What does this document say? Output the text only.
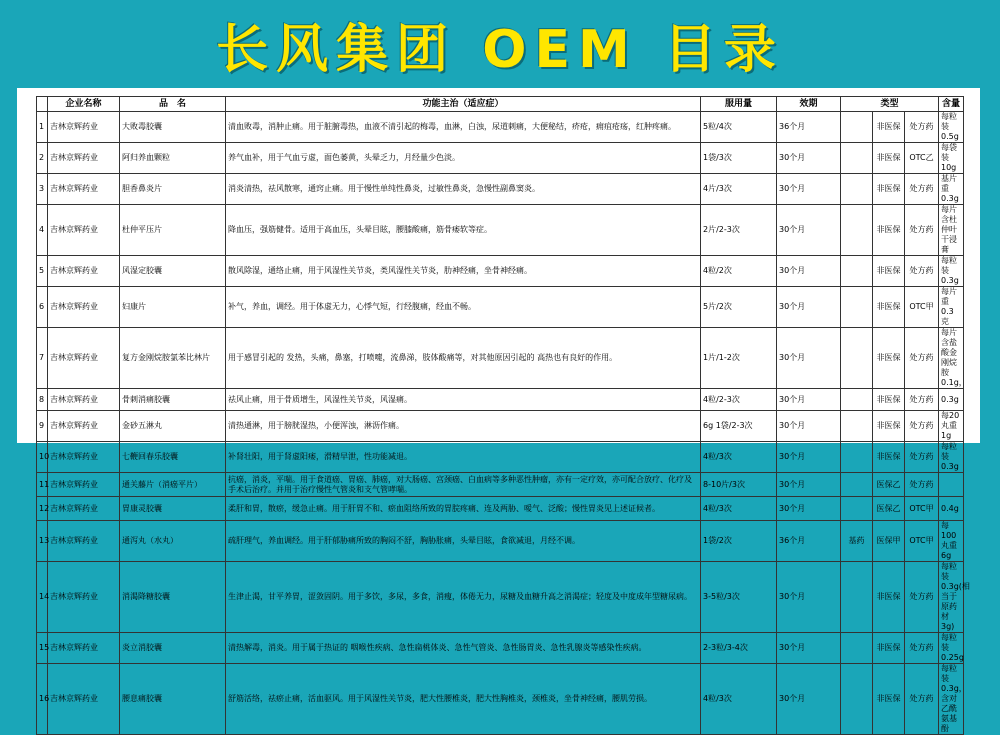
长风集团 OEM 目录
	企业名称	品　名	功能主治（适应症）	服用量	效期	类型			含量
1	吉林京辉药业	大败毒胶囊	清血败毒，消肿止痛。用于脏腑毒热，血液不清引起的梅毒，血淋，白浊，尿道刺痛，大便秘结，疥疮，痈疽疮疡，红肿疼痛。	5粒/4次	36个月		非医保	处方药	每粒装0.5g
2	吉林京辉药业	阿归养血颗粒	养气血补，用于气血亏虚，面色萎黄，头晕乏力，月经量少色淡。	1袋/3次	30个月		非医保	OTC乙	每袋装10g
3	吉林京辉药业	胆香鼻炎片	消炎清热，祛风散寒，通窍止痛。用于慢性单纯性鼻炎，过敏性鼻炎，急慢性副鼻窦炎。	4片/3次	30个月		非医保	处方药	基片重 0.3g
4	吉林京辉药业	杜仲平压片	降血压，强筋健骨。适用于高血压，头晕目眩，腰膝酸痛，筋骨痿软等症。	2片/2-3次	30个月		非医保	处方药	每片含杜仲叶干浸膏
5	吉林京辉药业	风湿定胶囊	散风除湿，通络止痛，用于风湿性关节炎，类风湿性关节炎，肋神经痛，坐骨神经痛。	4粒/2次	30个月		非医保	处方药	每粒装0.3g
6	吉林京辉药业	妇康片	补气，养血，调经。用于体虚无力，心悸气短，行经腹痛，经血不畅。	5片/2次	30个月		非医保	OTC甲	每片重0.3克
7	吉林京辉药业	复方金刚烷胺氯苯比林片	用于感冒引起的 发热，头痛，鼻塞，打喷嚏，流鼻涕，肢体酸痛等，对其他原因引起的 高热也有良好的作用。	1片/1-2次	30个月		非医保	处方药	每片含盐酸金刚烷胺0.1g，
8	吉林京辉药业	骨刺消痛胶囊	祛风止痛，用于骨质增生，风湿性关节炎，风湿痛。	4粒/2-3次	30个月		非医保	处方药	0.3g
9	吉林京辉药业	金砂五淋丸	清热通淋，用于膀胱湿热，小便浑浊，淋沥作痛。	6g 1袋/2-3次	30个月		非医保	处方药	每20丸重1g
10	吉林京辉药业	七鞭回春乐胶囊	补肾壮阳，用于肾虚阳痿，滑精早泄，性功能减退。	4粒/3次	30个月		非医保	处方药	每粒装0.3g
11	吉林京辉药业	通关藤片（消癌平片）	抗癌，消炎，平喘。用于食道癌、胃癌、肺癌，对大肠癌、宫颈癌、白血病等多种恶性肿瘤，亦有一定疗效，亦可配合放疗、化疗及手术后治疗。并用于治疗慢性气管炎和支气管哮喘。	8-10片/3次	30个月		医保乙	处方药	
12	吉林京辉药业	胃康灵胶囊	柔肝和胃，散瘀，缓急止痛。用于肝胃不和、瘀血阻络所致的胃脘疼痛、连及两胁、嗳气、泛酸；慢性胃炎见上述证候者。	4粒/3次	30个月		医保乙	OTC甲	0.4g
13	吉林京辉药业	通泻丸（水丸）	疏肝理气，养血调经。用于肝郁胁痛所致的胸闷不舒，胸胁胀痛，头晕目眩，食欲减退，月经不调。	1袋/2次	36个月	基药	医保甲	OTC甲	每100丸重6g
14	吉林京辉药业	消渴降糖胶囊	生津止渴，甘平养胃，涩敛固阴。用于多饮，多尿，多食，消瘦，体倦无力，尿糖及血糖升高之消渴症；轻度及中度成年型糖尿病。	3-5粒/3次	30个月		非医保	处方药	每粒装0.3g(相当于原药材3g)
15	吉林京辉药业	炎立消胶囊	清热解毒，消炎。用于属于热证的 咽喉性疾病、急性扁桃体炎、急性气管炎、急性肠胃炎、急性乳腺炎等感染性疾病。	2-3粒/3-4次	30个月		非医保	处方药	每粒装0.25g
16	吉林京辉药业	腰息痛胶囊	舒筋活络，祛瘀止痛，活血驱风。用于风湿性关节炎，肥大性腰椎炎，肥大性胸椎炎，颈椎炎，坐骨神经痛，腰肌劳损。	4粒/3次	30个月		非医保	处方药	每粒装0.3g，含对乙酰氨基酚
